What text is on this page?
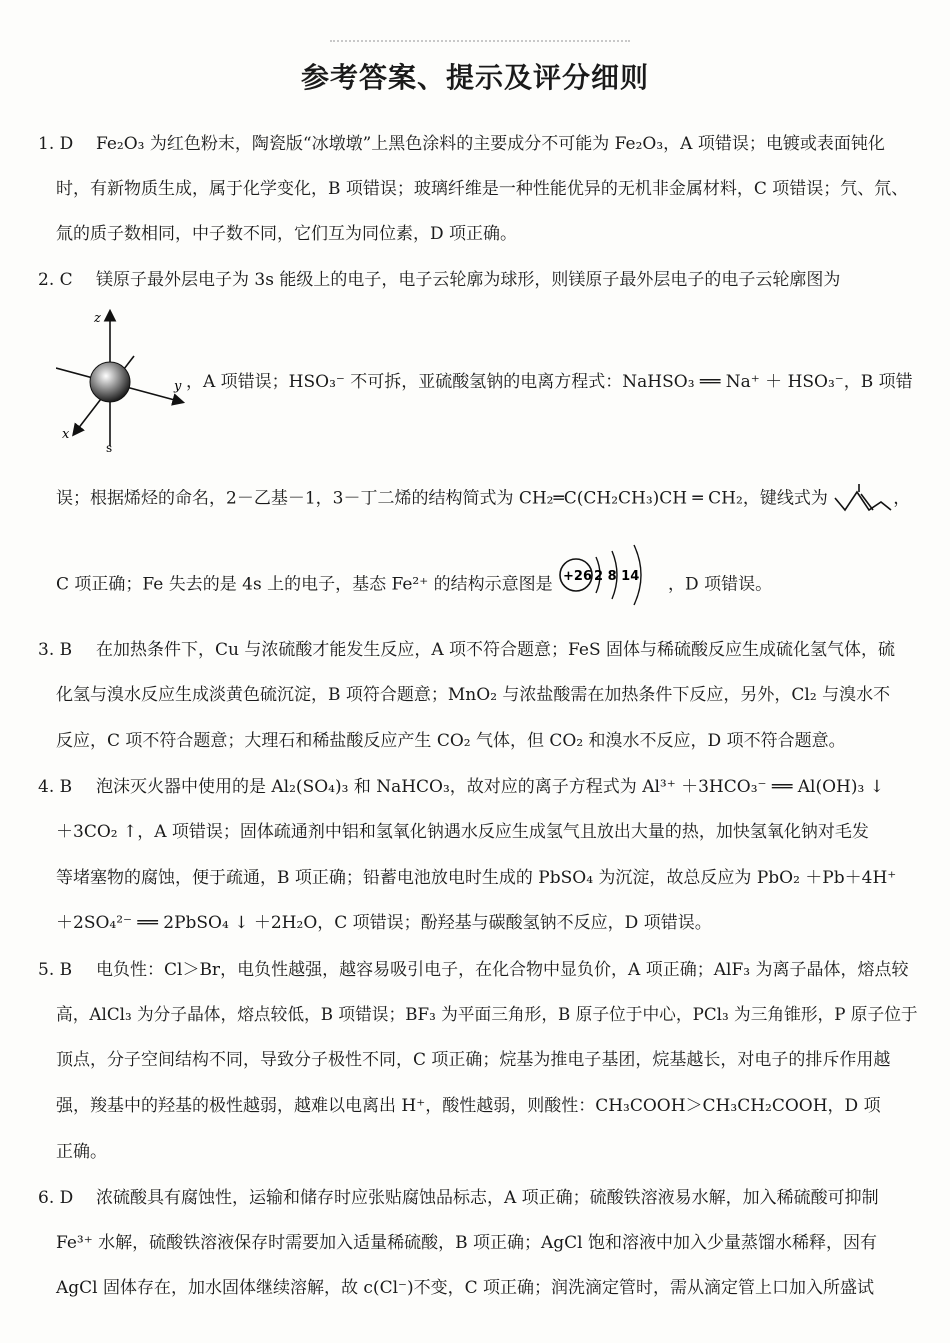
参考答案、提示及评分细则
1. D Fe₂O₃ 为红色粉末，陶瓷版“冰墩墩”上黑色涂料的主要成分不可能为 Fe₂O₃，A 项错误；电镀或表面钝化
时，有新物质生成，属于化学变化，B 项错误；玻璃纤维是一种性能优异的无机非金属材料，C 项错误；氕、氘、
氚的质子数相同，中子数不同，它们互为同位素，D 项正确。
2. C 镁原子最外层电子为 3s 能级上的电子，电子云轮廓为球形，则镁原子最外层电子的电子云轮廓图为
z
y
x
s
，A 项错误；HSO₃⁻ 不可拆，亚硫酸氢钠的电离方程式：NaHSO₃ ══ Na⁺ ＋ HSO₃⁻，B 项错
误；根据烯烃的命名，2－乙基－1，3－丁二烯的结构简式为 CH₂═C(CH₂CH₃)CH ═ CH₂，键线式为	，
C 项正确；Fe 失去的是 4s 上的电子，基态 Fe²⁺ 的结构示意图是 +26 2 8 14 ，D 项错误。
3. B 在加热条件下，Cu 与浓硫酸才能发生反应，A 项不符合题意；FeS 固体与稀硫酸反应生成硫化氢气体，硫
化氢与溴水反应生成淡黄色硫沉淀，B 项符合题意；MnO₂ 与浓盐酸需在加热条件下反应，另外，Cl₂ 与溴水不
反应，C 项不符合题意；大理石和稀盐酸反应产生 CO₂ 气体，但 CO₂ 和溴水不反应，D 项不符合题意。
4. B 泡沫灭火器中使用的是 Al₂(SO₄)₃ 和 NaHCO₃，故对应的离子方程式为 Al³⁺ ＋3HCO₃⁻ ══ Al(OH)₃ ↓
＋3CO₂ ↑，A 项错误；固体疏通剂中铝和氢氧化钠遇水反应生成氢气且放出大量的热，加快氢氧化钠对毛发
等堵塞物的腐蚀，便于疏通，B 项正确；铅蓄电池放电时生成的 PbSO₄ 为沉淀，故总反应为 PbO₂ ＋Pb＋4H⁺
＋2SO₄²⁻ ══ 2PbSO₄ ↓ ＋2H₂O，C 项错误；酚羟基与碳酸氢钠不反应，D 项错误。
5. B 电负性：Cl＞Br，电负性越强，越容易吸引电子，在化合物中显负价，A 项正确；AlF₃ 为离子晶体，熔点较
高，AlCl₃ 为分子晶体，熔点较低，B 项错误；BF₃ 为平面三角形，B 原子位于中心，PCl₃ 为三角锥形，P 原子位于
顶点，分子空间结构不同，导致分子极性不同，C 项正确；烷基为推电子基团，烷基越长，对电子的排斥作用越
强，羧基中的羟基的极性越弱，越难以电离出 H⁺，酸性越弱，则酸性：CH₃COOH＞CH₃CH₂COOH，D 项
正确。
6. D 浓硫酸具有腐蚀性，运输和储存时应张贴腐蚀品标志，A 项正确；硫酸铁溶液易水解，加入稀硫酸可抑制
Fe³⁺ 水解，硫酸铁溶液保存时需要加入适量稀硫酸，B 项正确；AgCl 饱和溶液中加入少量蒸馏水稀释，因有
AgCl 固体存在，加水固体继续溶解，故 c(Cl⁻)不变，C 项正确；润洗滴定管时，需从滴定管上口加入所盛试
